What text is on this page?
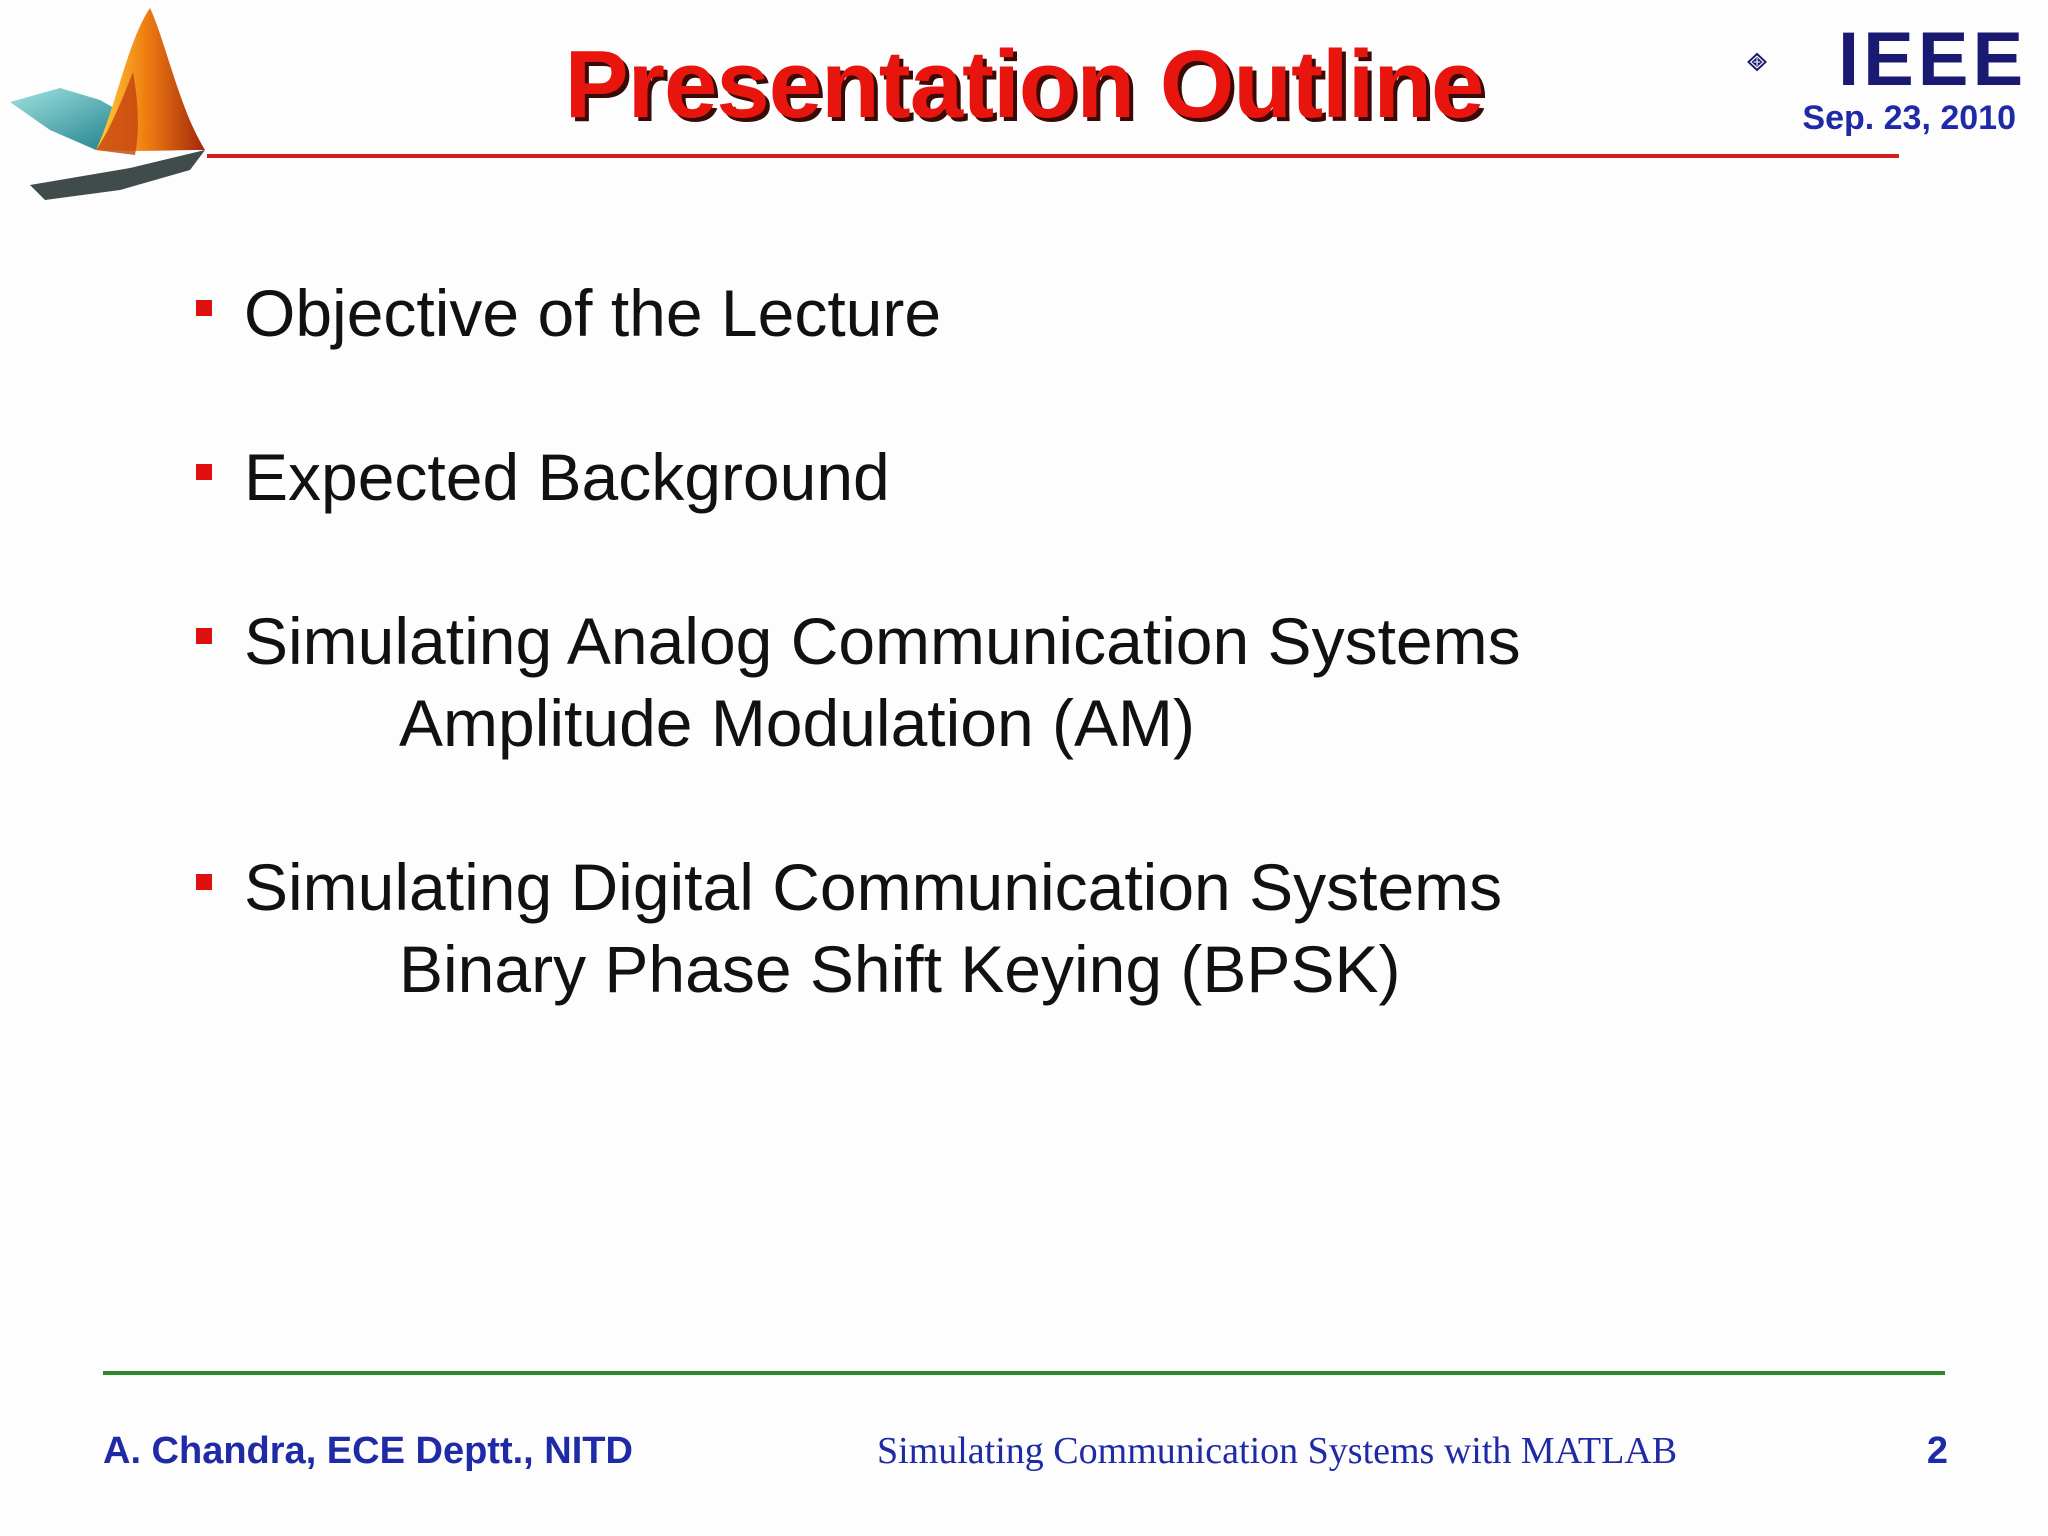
Presentation Outline	IEEE
Sep. 23, 2010
Objective of the Lecture
Expected Background
Simulating Analog Communication Systems
Amplitude Modulation (AM)
Simulating Digital Communication Systems
Binary Phase Shift Keying (BPSK)
A. Chandra, ECE Deptt., NITD	Simulating Communication Systems with MATLAB	2
